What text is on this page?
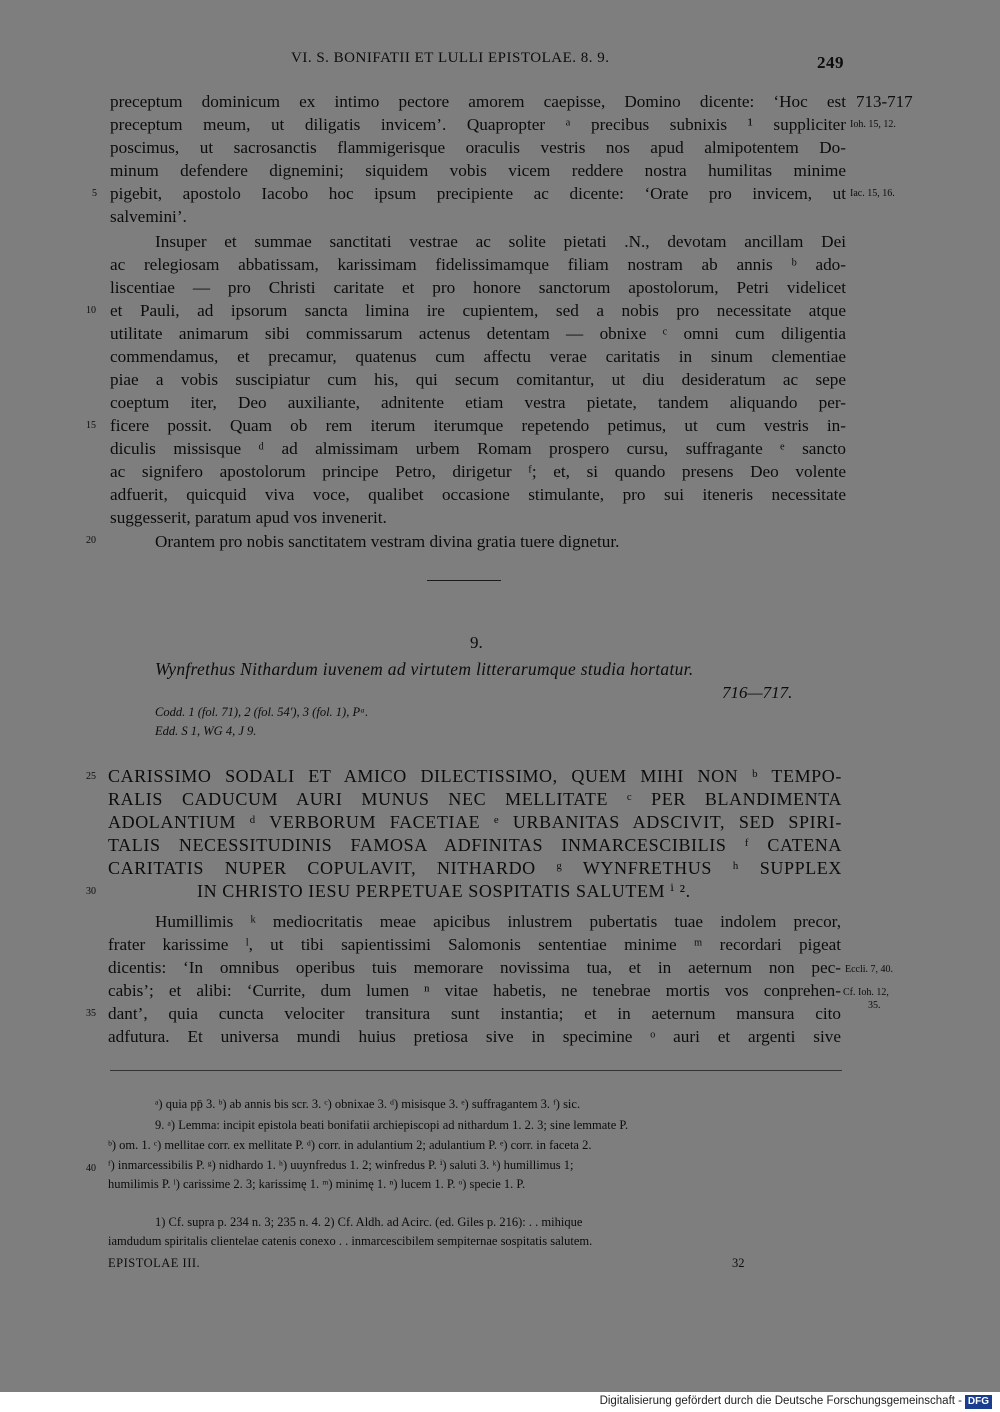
VI. S. BONIFATII ET LULLI EPISTOLAE. 8. 9.	249
preceptum dominicum ex intimo pectore amorem caepisse, Domino dicente: ‘Hoc est
preceptum meum, ut diligatis invicem’. Quapropter ᵃ precibus subnixis ¹ suppliciter
poscimus, ut sacrosanctis flammigerisque oraculis vestris nos apud almipotentem Do-
minum defendere dignemini; siquidem vobis vicem reddere nostra humilitas minime
pigebit, apostolo Iacobo hoc ipsum precipiente ac dicente: ‘Orate pro invicem, ut
salvemini’.
Insuper et summae sanctitati vestrae ac solite pietati .N., devotam ancillam Dei
ac relegiosam abbatissam, karissimam fidelissimamque filiam nostram ab annis ᵇ ado-
liscentiae — pro Christi caritate et pro honore sanctorum apostolorum, Petri videlicet
et Pauli, ad ipsorum sancta limina ire cupientem, sed a nobis pro necessitate atque
utilitate animarum sibi commissarum actenus detentam — obnixe ᶜ omni cum diligentia
commendamus, et precamur, quatenus cum affectu verae caritatis in sinum clementiae
piae a vobis suscipiatur cum his, qui secum comitantur, ut diu desideratum ac sepe
coeptum iter, Deo auxiliante, adnitente etiam vestra pietate, tandem aliquando per-
ficere possit. Quam ob rem iterum iterumque repetendo petimus, ut cum vestris in-
diculis missisque ᵈ ad almissimam urbem Romam prospero cursu, suffragante ᵉ sancto
ac signifero apostolorum principe Petro, dirigetur ᶠ; et, si quando presens Deo volente
adfuerit, quicquid viva voce, qualibet occasione stimulante, pro sui iteneris necessitate
suggesserit, paratum apud vos invenerit.
Orantem pro nobis sanctitatem vestram divina gratia tuere dignetur.
713-717
Ioh. 15, 12.
Iac. 15, 16.
5
10
15
20
9.
Wynfrethus Nithardum iuvenem ad virtutem litterarumque studia hortatur.
716—717.
Codd. 1 (fol. 71), 2 (fol. 54ʹ), 3 (fol. 1), Pᵃ.
Edd. S 1, WG 4, J 9.
CARISSIMO SODALI ET AMICO DILECTISSIMO, QUEM MIHI NON ᵇ TEMPO-
RALIS CADUCUM AURI MUNUS NEC MELLITATE ᶜ PER BLANDIMENTA
ADOLANTIUM ᵈ VERBORUM FACETIAE ᵉ URBANITAS ADSCIVIT, SED SPIRI-
TALIS NECESSITUDINIS FAMOSA ADFINITAS INMARCESCIBILIS ᶠ CATENA
CARITATIS NUPER COPULAVIT, NITHARDO ᵍ WYNFRETHUS ʰ SUPPLEX
IN CHRISTO IESU PERPETUAE SOSPITATIS SALUTEM ⁱ ².
Humillimis ᵏ mediocritatis meae apicibus inlustrem pubertatis tuae indolem precor,
frater karissime ˡ, ut tibi sapientissimi Salomonis sententiae minime ᵐ recordari pigeat
dicentis: ‘In omnibus operibus tuis memorare novissima tua, et in aeternum non pec-
cabis’; et alibi: ‘Currite, dum lumen ⁿ vitae habetis, ne tenebrae mortis vos conprehen-
dant’, quia cuncta velociter transitura sunt instantia; et in aeternum mansura cito
adfutura. Et universa mundi huius pretiosa sive in specimine ᵒ auri et argenti sive
Eccli. 7, 40.
Cf. Ioh. 12,
35.
25
30
35
40
ᵃ) quia pp̄ 3. ᵇ) ab annis bis scr. 3. ᶜ) obnixae 3. ᵈ) misisque 3. ᵉ) suffragantem 3. ᶠ) sic.
9. ᵃ) Lemma: incipit epistola beati bonifatii archiepiscopi ad nithardum 1. 2. 3; sine lemmate P.
ᵇ) om. 1. ᶜ) mellitae corr. ex mellitate P. ᵈ) corr. in adulantium 2; adulantium P. ᵉ) corr. in faceta 2.
ᶠ) inmarcessibilis P. ᵍ) nidhardo 1. ʰ) uuynfredus 1. 2; winfredus P. ⁱ) saluti 3. ᵏ) humillimus 1;
humilimis P. ˡ) carissime 2. 3; karissimę 1. ᵐ) minimę 1. ⁿ) lucem 1. P. ᵒ) specie 1. P.
1) Cf. supra p. 234 n. 3; 235 n. 4. 2) Cf. Aldh. ad Acirc. (ed. Giles p. 216): . . mihique
iamdudum spiritalis clientelae catenis conexo . . inmarcescibilem sempiternae sospitatis salutem.
EPISTOLAE III.	32
Digitalisierung gefördert durch die Deutsche Forschungsgemeinschaft - DFG
